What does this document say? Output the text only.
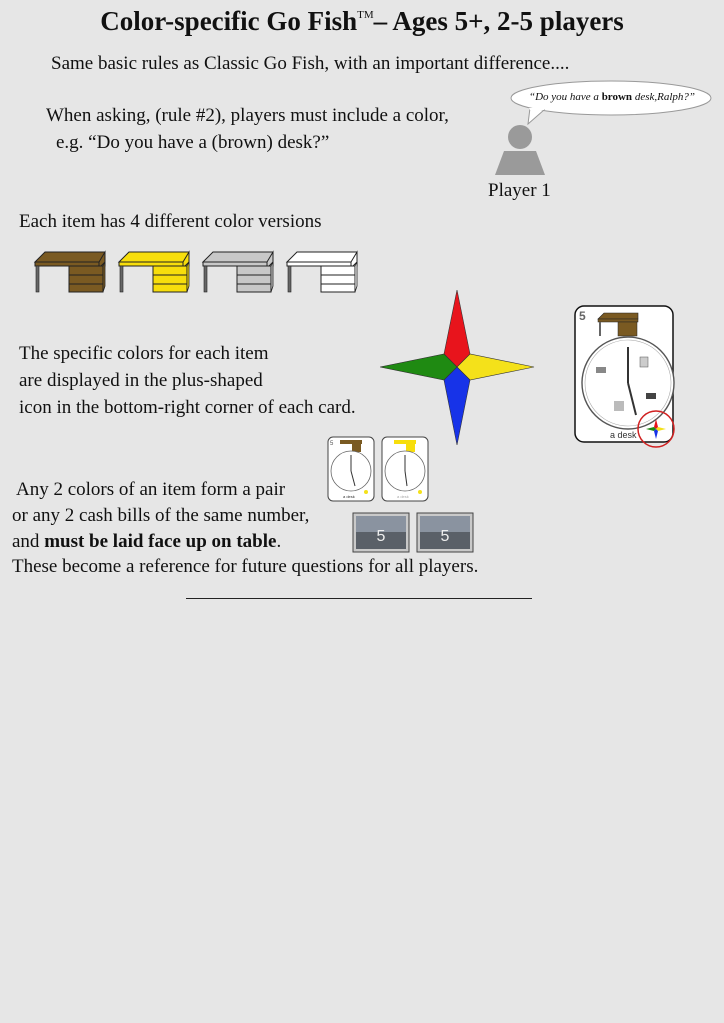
Color-specific Go Fish™– Ages 5+, 2-5 players
Same basic rules as Classic Go Fish, with an important difference....
When asking, (rule #2), players must include a color,
e.g. “Do you have a (brown) desk?”
“Do you have a brown desk,Ralph?”
Player 1
Each item has 4 different color versions
The specific colors for each item
are displayed in the plus-shaped
icon in the bottom-right corner of each card.
5
a desk
5
a desk	a desk
5	5
Any 2 colors of an item form a pair
or any 2 cash bills of the same number,
and must be laid face up on table.
These become a reference for future questions for all players.
